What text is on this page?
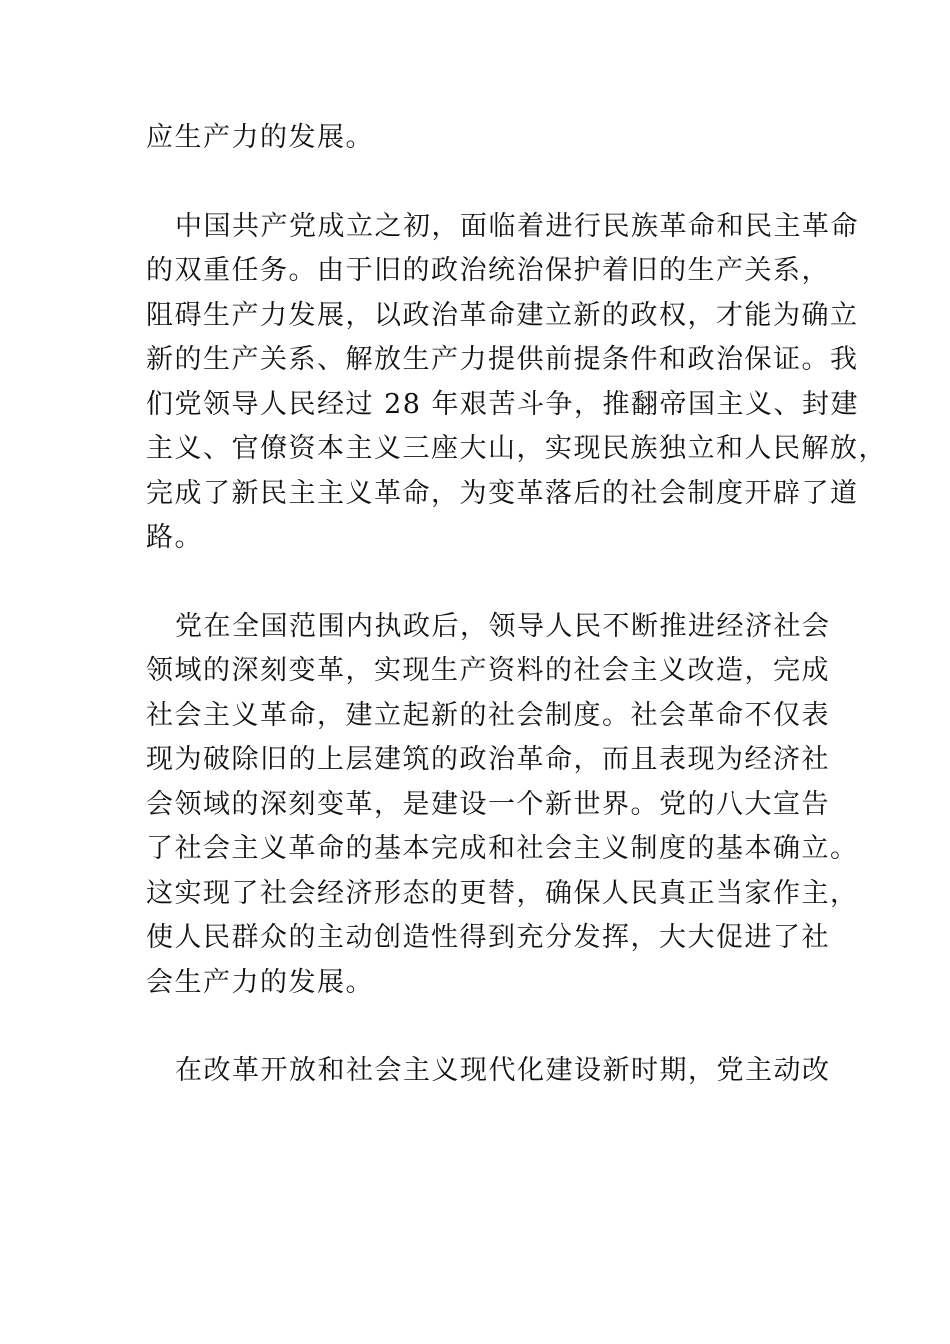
应生产力的发展。
中国共产党成立之初，面临着进行民族革命和民主革命
的双重任务。由于旧的政治统治保护着旧的生产关系，
阻碍生产力发展，以政治革命建立新的政权，才能为确立
新的生产关系、解放生产力提供前提条件和政治保证。我
们党领导人民经过 28 年艰苦斗争，推翻帝国主义、封建
主义、官僚资本主义三座大山，实现民族独立和人民解放，
完成了新民主主义革命，为变革落后的社会制度开辟了道
路。
党在全国范围内执政后，领导人民不断推进经济社会
领域的深刻变革，实现生产资料的社会主义改造，完成
社会主义革命，建立起新的社会制度。社会革命不仅表
现为破除旧的上层建筑的政治革命，而且表现为经济社
会领域的深刻变革，是建设一个新世界。党的八大宣告
了社会主义革命的基本完成和社会主义制度的基本确立。
这实现了社会经济形态的更替，确保人民真正当家作主，
使人民群众的主动创造性得到充分发挥，大大促进了社
会生产力的发展。
在改革开放和社会主义现代化建设新时期，党主动改
